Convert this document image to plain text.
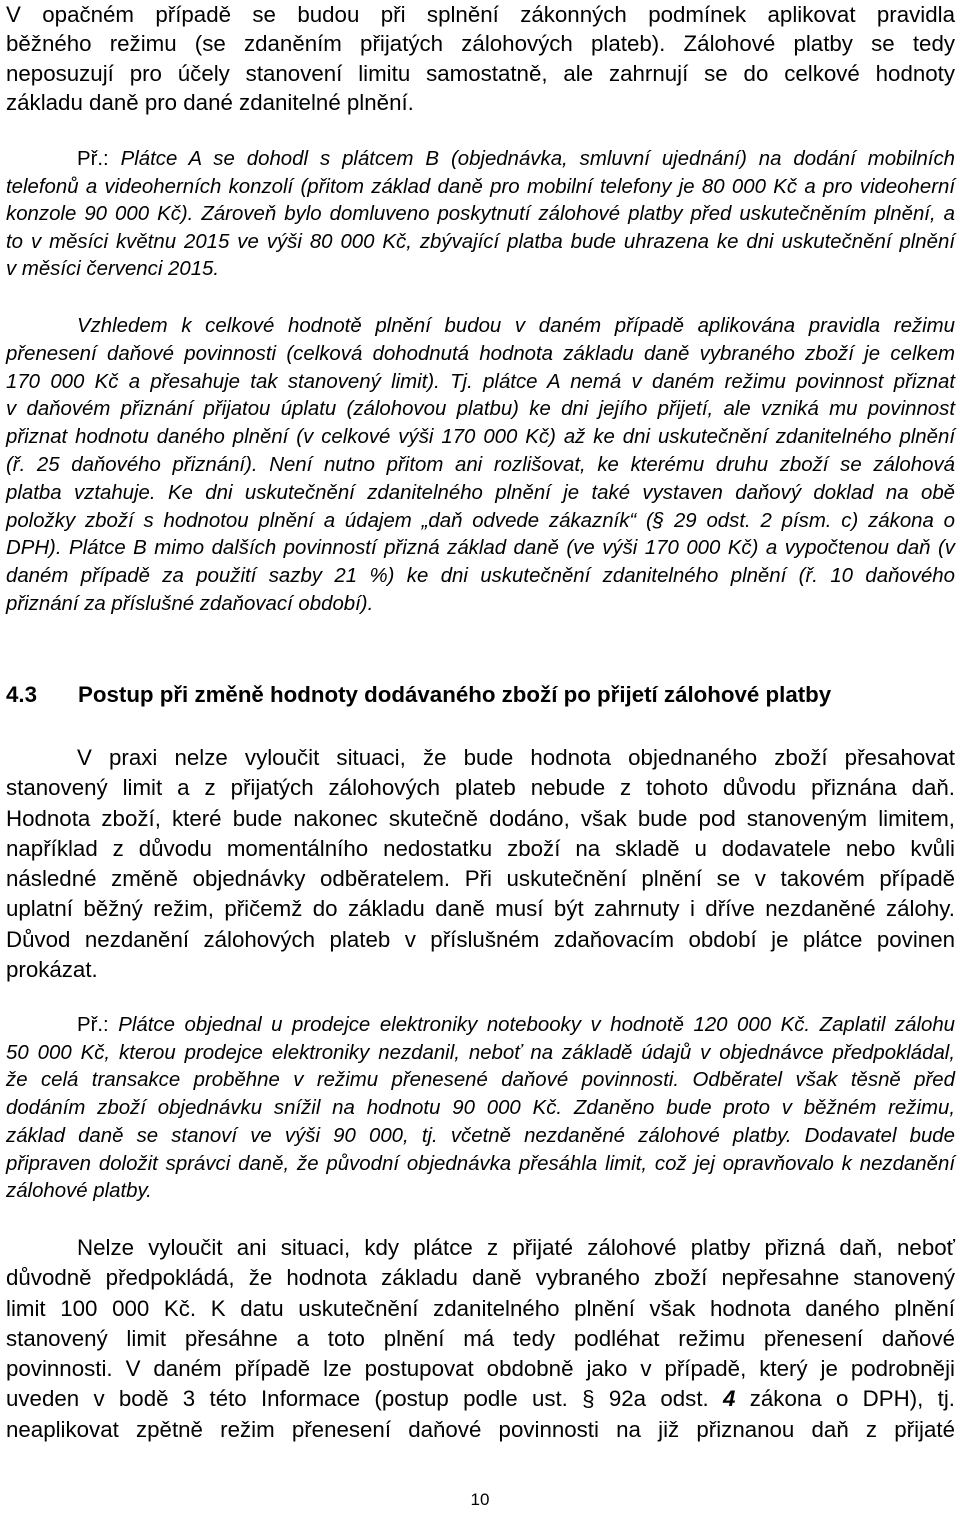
V opačném případě se budou při splnění zákonných podmínek aplikovat pravidla
běžného režimu (se zdaněním přijatých zálohových plateb). Zálohové platby se tedy
neposuzují pro účely stanovení limitu samostatně, ale zahrnují se do celkové hodnoty
základu daně pro dané zdanitelné plnění.
Př.: Plátce A se dohodl s plátcem B (objednávka, smluvní ujednání) na dodání mobilních
telefonů a videoherních konzolí (přitom základ daně pro mobilní telefony je 80 000 Kč a pro videoherní
konzole 90 000 Kč). Zároveň bylo domluveno poskytnutí zálohové platby před uskutečněním plnění, a
to v měsíci květnu 2015 ve výši 80 000 Kč, zbývající platba bude uhrazena ke dni uskutečnění plnění
v měsíci červenci 2015.
Vzhledem k celkové hodnotě plnění budou v daném případě aplikována pravidla režimu
přenesení daňové povinnosti (celková dohodnutá hodnota základu daně vybraného zboží je celkem
170 000 Kč a přesahuje tak stanovený limit). Tj. plátce A nemá v daném režimu povinnost přiznat
v daňovém přiznání přijatou úplatu (zálohovou platbu) ke dni jejího přijetí, ale vzniká mu povinnost
přiznat hodnotu daného plnění (v celkové výši 170 000 Kč) až ke dni uskutečnění zdanitelného plnění
(ř. 25 daňového přiznání). Není nutno přitom ani rozlišovat, ke kterému druhu zboží se zálohová
platba vztahuje. Ke dni uskutečnění zdanitelného plnění je také vystaven daňový doklad na obě
položky zboží s hodnotou plnění a údajem „daň odvede zákazník“ (§ 29 odst. 2 písm. c) zákona o
DPH). Plátce B mimo dalších povinností přizná základ daně (ve výši 170 000 Kč) a vypočtenou daň (v
daném případě za použití sazby 21 %) ke dni uskutečnění zdanitelného plnění (ř. 10 daňového
přiznání za příslušné zdaňovací období).
4.3 Postup při změně hodnoty dodávaného zboží po přijetí zálohové platby
V praxi nelze vyloučit situaci, že bude hodnota objednaného zboží přesahovat
stanovený limit a z přijatých zálohových plateb nebude z tohoto důvodu přiznána daň.
Hodnota zboží, které bude nakonec skutečně dodáno, však bude pod stanoveným limitem,
například z důvodu momentálního nedostatku zboží na skladě u dodavatele nebo kvůli
následné změně objednávky odběratelem. Při uskutečnění plnění se v takovém případě
uplatní běžný režim, přičemž do základu daně musí být zahrnuty i dříve nezdaněné zálohy.
Důvod nezdanění zálohových plateb v příslušném zdaňovacím období je plátce povinen
prokázat.
Př.: Plátce objednal u prodejce elektroniky notebooky v hodnotě 120 000 Kč. Zaplatil zálohu
50 000 Kč, kterou prodejce elektroniky nezdanil, neboť na základě údajů v objednávce předpokládal,
že celá transakce proběhne v režimu přenesené daňové povinnosti. Odběratel však těsně před
dodáním zboží objednávku snížil na hodnotu 90 000 Kč. Zdaněno bude proto v běžném režimu,
základ daně se stanoví ve výši 90 000, tj. včetně nezdaněné zálohové platby. Dodavatel bude
připraven doložit správci daně, že původní objednávka přesáhla limit, což jej opravňovalo k nezdanění
zálohové platby.
Nelze vyloučit ani situaci, kdy plátce z přijaté zálohové platby přizná daň, neboť
důvodně předpokládá, že hodnota základu daně vybraného zboží nepřesahne stanovený
limit 100 000 Kč. K datu uskutečnění zdanitelného plnění však hodnota daného plnění
stanovený limit přesáhne a toto plnění má tedy podléhat režimu přenesení daňové
povinnosti. V daném případě lze postupovat obdobně jako v případě, který je podrobněji
uveden v bodě 3 této Informace (postup podle ust. § 92a odst. 4 zákona o DPH), tj.
neaplikovat zpětně režim přenesení daňové povinnosti na již přiznanou daň z přijaté
10
